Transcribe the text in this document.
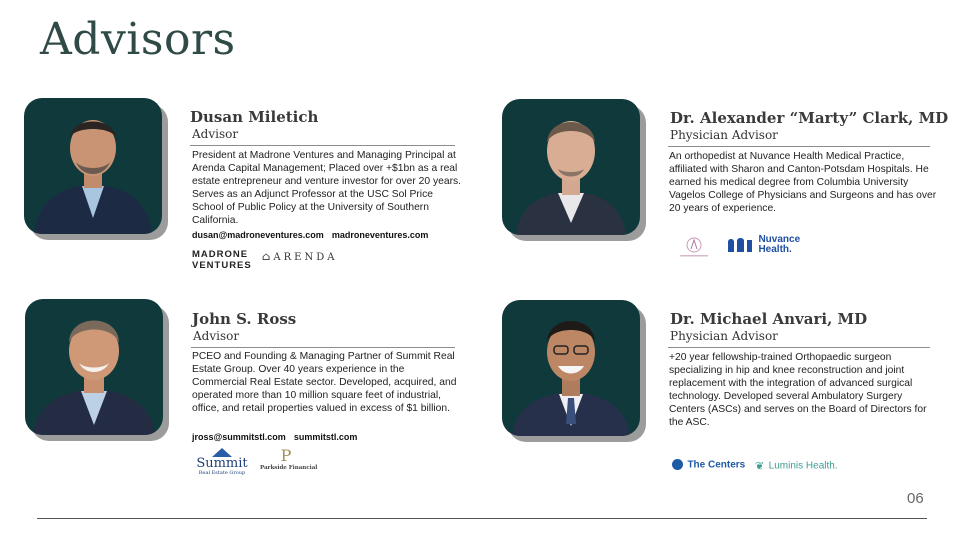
Advisors
Dusan Miletich
Advisor
President at Madrone Ventures and Managing Principal at Arenda Capital Management; Placed over +$1bn as a real estate entrepreneur and venture investor for over 20 years. Serves as an Adjunct Professor at the USC Sol Price School of Public Policy at the University of Southern California.
dusan@madroneventures.com madroneventures.com
MADRONE VENTURES
⌂ARENDA
Dr. Alexander “Marty” Clark, MD
Physician Advisor
An orthopedist at Nuvance Health Medical Practice, affiliated with Sharon and Canton-Potsdam Hospitals. He earned his medical degree from Columbia University Vagelos College of Physicians and Surgeons and has over 20 years of experience.
Nuvance Health.
John S. Ross
Advisor
PCEO and Founding & Managing Partner of Summit Real Estate Group. Over 40 years experience in the Commercial Real Estate sector. Developed, acquired, and operated more than 10 million square feet of industrial, office, and retail properties valued in excess of $1 billion.
jross@summitstl.com summitstl.com
Summit
Real Estate Group
P
Parkside Financial
Dr. Michael Anvari, MD
Physician Advisor
+20 year fellowship-trained Orthopaedic surgeon specializing in hip and knee reconstruction and joint replacement with the integration of advanced surgical technology. Developed several Ambulatory Surgery Centers (ASCs) and serves on the Board of Directors for the ASC.
The Centers ❦ Luminis Health.
06
